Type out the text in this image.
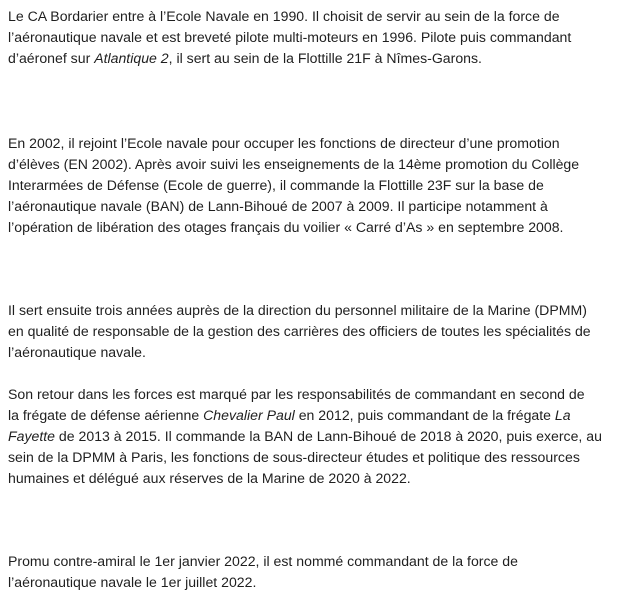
Le CA Bordarier entre à l’Ecole Navale en 1990. Il choisit de servir au sein de la force de
l’aéronautique navale et est breveté pilote multi-moteurs en 1996. Pilote puis commandant
d’aéronef sur Atlantique 2, il sert au sein de la Flottille 21F à Nîmes-Garons.

En 2002, il rejoint l’Ecole navale pour occuper les fonctions de directeur d’une promotion
d’élèves (EN 2002). Après avoir suivi les enseignements de la 14ème promotion du Collège
Interarmées de Défense (Ecole de guerre), il commande la Flottille 23F sur la base de
l’aéronautique navale (BAN) de Lann-Bihoué de 2007 à 2009. Il participe notamment à
l’opération de libération des otages français du voilier « Carré d’As » en septembre 2008.

Il sert ensuite trois années auprès de la direction du personnel militaire de la Marine (DPMM)
en qualité de responsable de la gestion des carrières des officiers de toutes les spécialités de
l’aéronautique navale.

Son retour dans les forces est marqué par les responsabilités de commandant en second de
la frégate de défense aérienne Chevalier Paul en 2012, puis commandant de la frégate La
Fayette de 2013 à 2015. Il commande la BAN de Lann-Bihoué de 2018 à 2020, puis exerce, au
sein de la DPMM à Paris, les fonctions de sous-directeur études et politique des ressources
humaines et délégué aux réserves de la Marine de 2020 à 2022.

Promu contre-amiral le 1er janvier 2022, il est nommé commandant de la force de
l’aéronautique navale le 1er juillet 2022.
